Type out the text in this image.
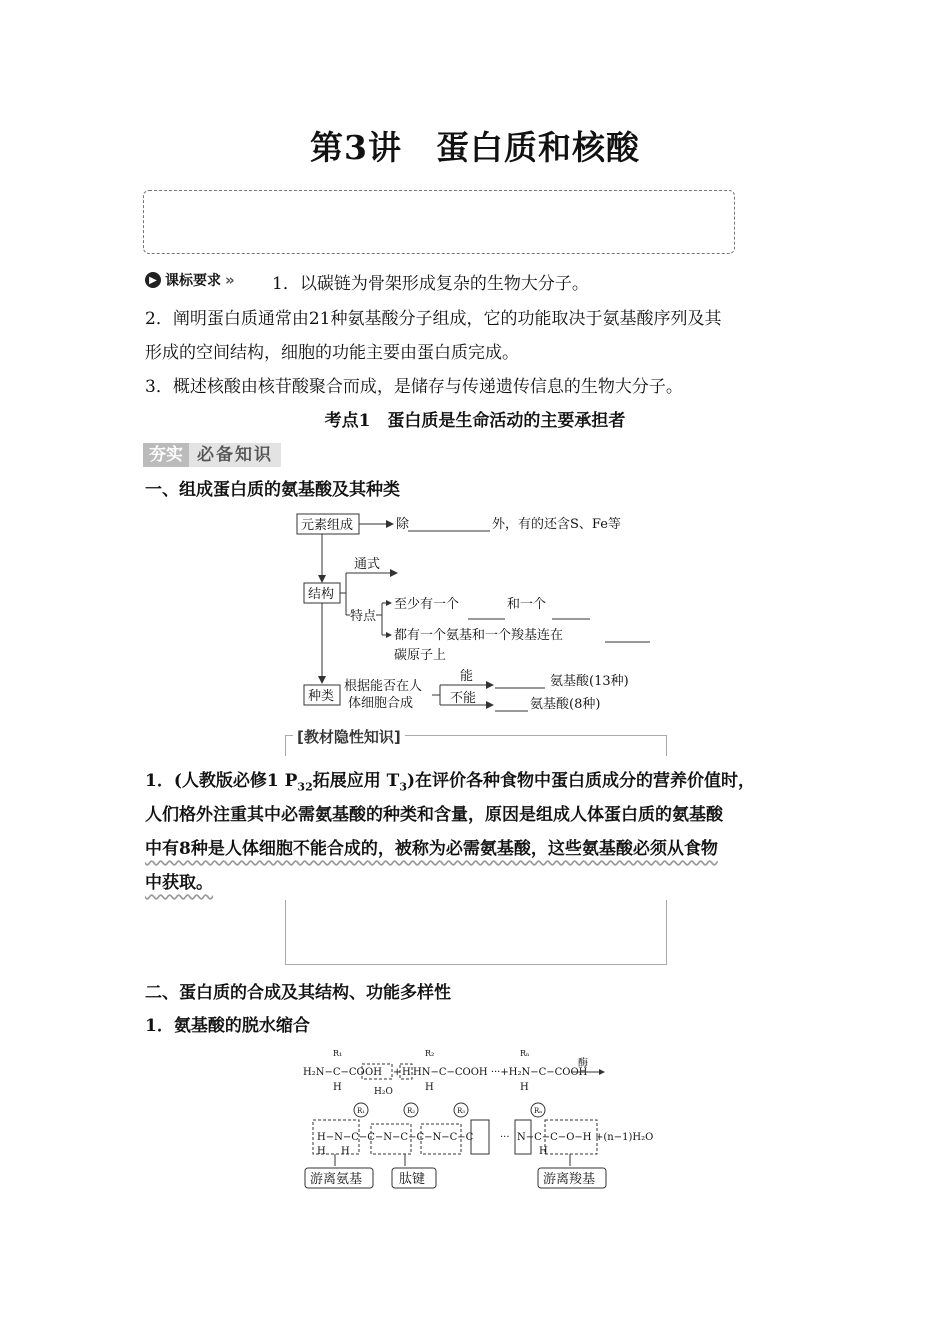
第3讲　蛋白质和核酸
▶ 课标要求 » 1．以碳链为骨架形成复杂的生物大分子。
2．阐明蛋白质通常由21种氨基酸分子组成，它的功能取决于氨基酸序列及其
形成的空间结构，细胞的功能主要由蛋白质完成。
3．概述核酸由核苷酸聚合而成，是储存与传递遗传信息的生物大分子。
考点1　蛋白质是生命活动的主要承担者
夯实 必备知识
一、组成蛋白质的氨基酸及其种类
元素组成	除	外，有的还含S、Fe等
结构
通式
特点
至少有一个	和一个
都有一个氨基和一个羧基连在
碳原子上
种类
根据能否在人
体细胞合成
能
不能
氨基酸(13种)
氨基酸(8种)
[教材隐性知识]
1．(人教版必修1 $P_{32}$拓展应用 $T_3$)在评价各种食物中蛋白质成分的营养价值时，
人们格外注重其中必需氨基酸的种类和含量，原因是组成人体蛋白质的氨基酸
中有8种是人体细胞不能合成的，被称为必需氨基酸，这些氨基酸必须从食物
中获取。
二、蛋白质的合成及其结构、功能多样性
1．氨基酸的脱水缩合
R₁	R₂	Rₙ
H₂N−C−CO OH + H HN−C−COOH ···+H₂N−C−COOH
H	H	H
H₂O
酶
R₁	R₂	R₃	Rₙ
H−N−C−C−N−C−C−N−C−C	··· N−C−C−O−H +(n−1)H₂O
H H	H
游离氨基	肽键	游离羧基
